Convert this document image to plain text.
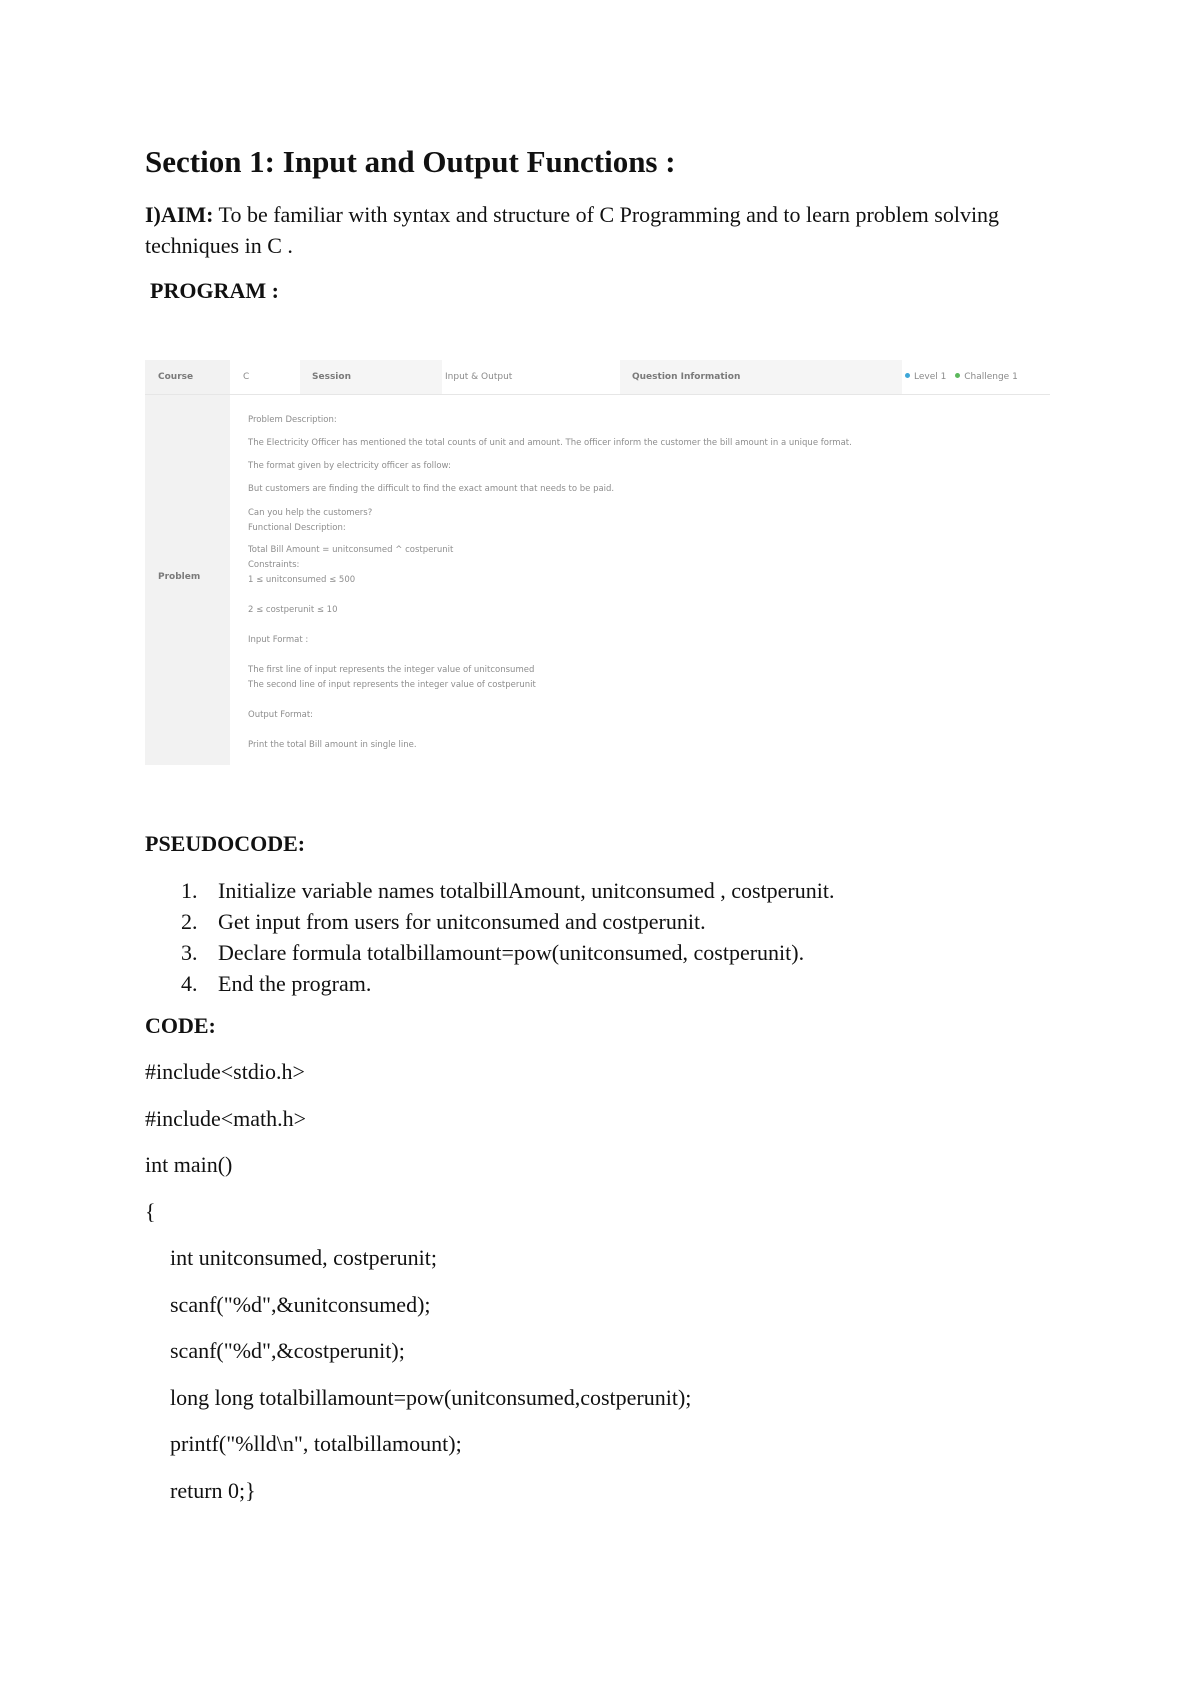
Section 1: Input and Output Functions :
I)AIM: To be familiar with syntax and structure of C Programming and to learn problem solving techniques in C .
PROGRAM :
Course	C	Session	Input & Output	Question Information	Level 1 Challenge 1
Problem
Problem Description:
The Electricity Officer has mentioned the total counts of unit and amount. The officer inform the customer the bill amount in a unique format.
The format given by electricity officer as follow:
But customers are finding the difficult to find the exact amount that needs to be paid.
Can you help the customers?
Functional Description:
Total Bill Amount = unitconsumed ^ costperunit
Constraints:
1 ≤ unitconsumed ≤ 500
2 ≤ costperunit ≤ 10
Input Format :
The first line of input represents the integer value of unitconsumed
The second line of input represents the integer value of costperunit
Output Format:
Print the total Bill amount in single line.
PSEUDOCODE:
1. Initialize variable names totalbillAmount, unitconsumed , costperunit.
2. Get input from users for unitconsumed and costperunit.
3. Declare formula totalbillamount=pow(unitconsumed, costperunit).
4. End the program.
CODE:
#include<stdio.h>
#include<math.h>
int main()
{
int unitconsumed, costperunit;
scanf("%d",&unitconsumed);
scanf("%d",&costperunit);
long long totalbillamount=pow(unitconsumed,costperunit);
printf("%lld\n", totalbillamount);
return 0;}
